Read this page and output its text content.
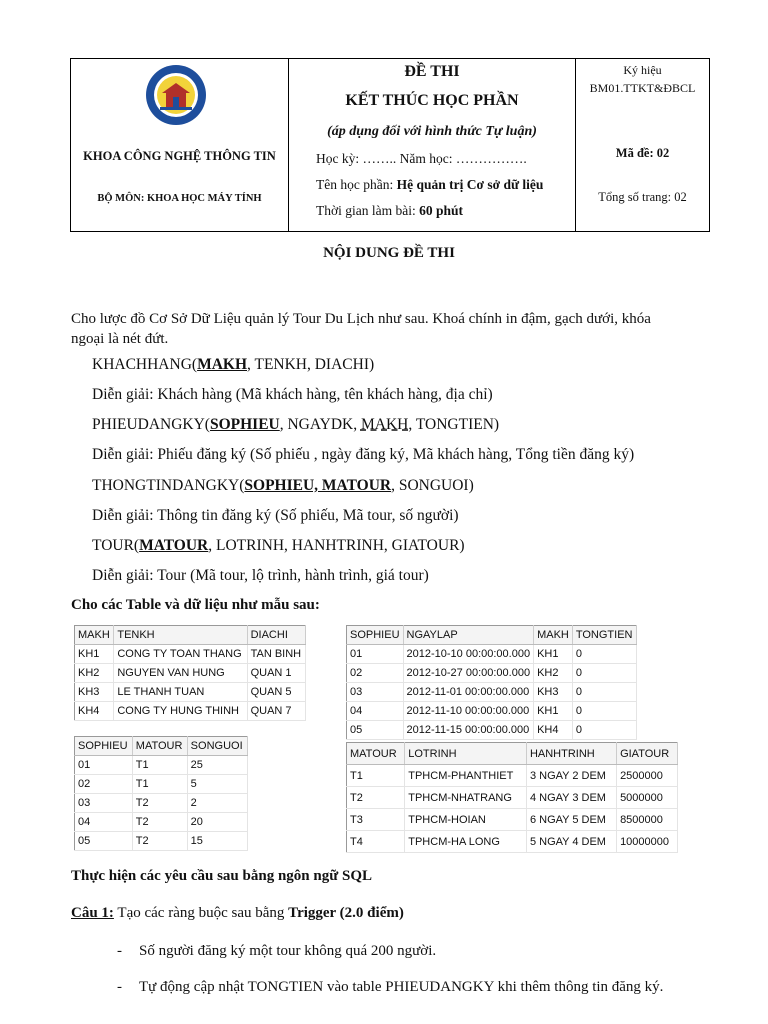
KHOA CÔNG NGHỆ THÔNG TIN
BỘ MÔN: KHOA HỌC MÁY TÍNH
ĐỀ THI
KẾT THÚC HỌC PHẦN
(áp dụng đối với hình thức Tự luận)
Học kỳ: …….. Năm học: …………….
Tên học phần: Hệ quản trị Cơ sở dữ liệu
Thời gian làm bài: 60 phút
Ký hiệu
BM01.TTKT&ĐBCL
Mã đề: 02
Tổng số trang: 02
NỘI DUNG ĐỀ THI
Cho lược đồ Cơ Sở Dữ Liệu quản lý Tour Du Lịch như sau. Khoá chính in đậm, gạch dưới, khóa
ngoại là nét đứt.
KHACHHANG(MAKH, TENKH, DIACHI)
Diễn giải: Khách hàng (Mã khách hàng, tên khách hàng, địa chỉ)
PHIEUDANGKY(SOPHIEU, NGAYDK, MAKH, TONGTIEN)
Diễn giải: Phiếu đăng ký (Số phiếu , ngày đăng ký, Mã khách hàng, Tổng tiền đăng ký)
THONGTINDANGKY(SOPHIEU, MATOUR, SONGUOI)
Diễn giải: Thông tin đăng ký (Số phiếu, Mã tour, số người)
TOUR(MATOUR, LOTRINH, HANHTRINH, GIATOUR)
Diễn giải: Tour (Mã tour, lộ trình, hành trình, giá tour)
Cho các Table và dữ liệu như mẫu sau:
MAKH	TENKH	DIACHI
KH1	CONG TY TOAN THANG	TAN BINH
KH2	NGUYEN VAN HUNG	QUAN 1
KH3	LE THANH TUAN	QUAN 5
KH4	CONG TY HUNG THINH	QUAN 7
SOPHIEU	NGAYLAP	MAKH	TONGTIEN
01	2012-10-10 00:00:00.000	KH1	0
02	2012-10-27 00:00:00.000	KH2	0
03	2012-11-01 00:00:00.000	KH3	0
04	2012-11-10 00:00:00.000	KH1	0
05	2012-11-15 00:00:00.000	KH4	0
SOPHIEU	MATOUR	SONGUOI
01	T1	25
02	T1	5
03	T2	2
04	T2	20
05	T2	15
MATOUR	LOTRINH	HANHTRINH	GIATOUR
T1	TPHCM-PHANTHIET	3 NGAY 2 DEM	2500000
T2	TPHCM-NHATRANG	4 NGAY 3 DEM	5000000
T3	TPHCM-HOIAN	6 NGAY 5 DEM	8500000
T4	TPHCM-HA LONG	5 NGAY 4 DEM	10000000
Thực hiện các yêu cầu sau bằng ngôn ngữ SQL
Câu 1: Tạo các ràng buộc sau bằng Trigger (2.0 điểm)
- Số người đăng ký một tour không quá 200 người.
- Tự động cập nhật TONGTIEN vào table PHIEUDANGKY khi thêm thông tin đăng ký.
